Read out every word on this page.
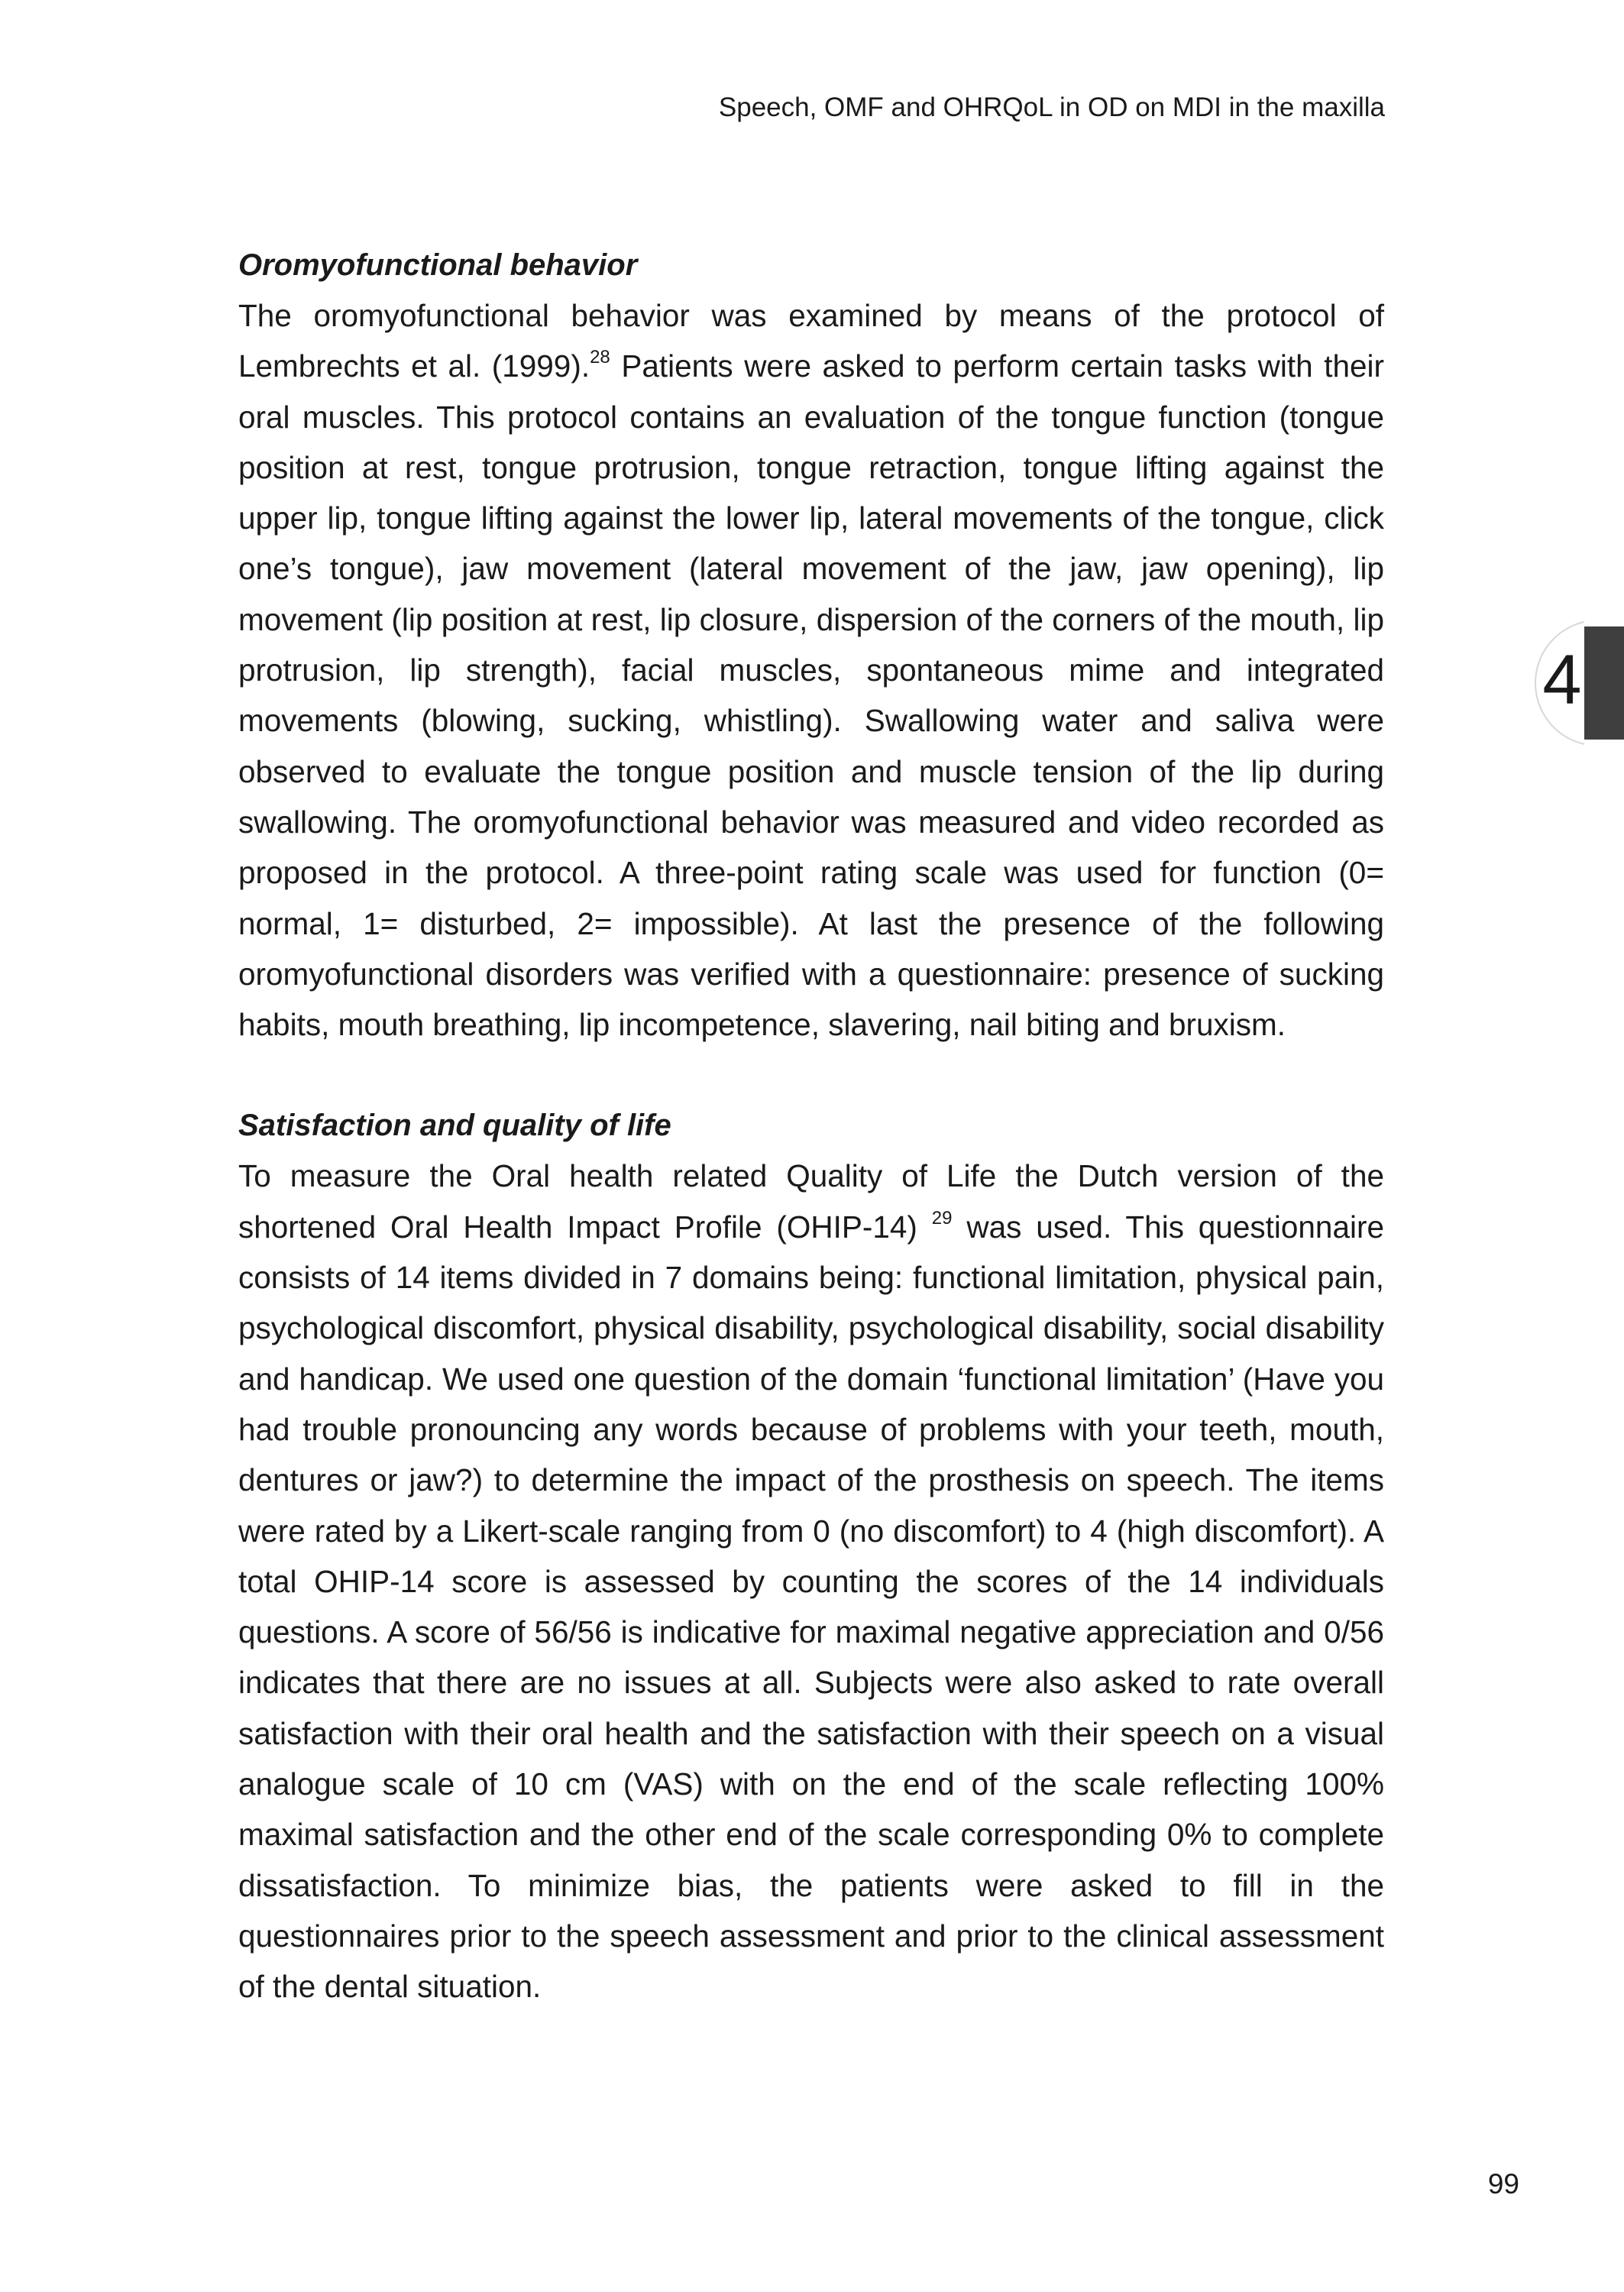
Speech, OMF and OHRQoL in OD on MDI in the maxilla
4
Oromyofunctional behavior

The oromyofunctional behavior was examined by means of the protocol of Lembrechts et al. (1999).$^{28}$ Patients were asked to perform certain tasks with their oral muscles. This protocol contains an evaluation of the tongue function (tongue position at rest, tongue protrusion, tongue retraction, tongue lifting against the upper lip, tongue lifting against the lower lip, lateral movements of the tongue, click one’s tongue), jaw movement (lateral movement of the jaw, jaw opening), lip movement (lip position at rest, lip closure, dispersion of the corners of the mouth, lip protrusion, lip strength), facial muscles, spontaneous mime and integrated movements (blowing, sucking, whistling). Swallowing water and saliva were observed to evaluate the tongue position and muscle tension of the lip during swallowing. The oromyofunctional behavior was measured and video recorded as proposed in the protocol. A three-point rating scale was used for function (0= normal, 1= disturbed, 2= impossible). At last the presence of the following oromyofunctional disorders was verified with a questionnaire: presence of sucking habits, mouth breathing, lip incompetence, slavering, nail biting and bruxism.

Satisfaction and quality of life

To measure the Oral health related Quality of Life the Dutch version of the shortened Oral Health Impact Profile (OHIP-14) $^{29}$ was used. This questionnaire consists of 14 items divided in 7 domains being: functional limitation, physical pain, psychological discomfort, physical disability, psychological disability, social disability and handicap. We used one question of the domain ‘functional limitation’ (Have you had trouble pronouncing any words because of problems with your teeth, mouth, dentures or jaw?) to determine the impact of the prosthesis on speech. The items were rated by a Likert-scale ranging from 0 (no discomfort) to 4 (high discomfort). A total OHIP-14 score is assessed by counting the scores of the 14 individuals questions. A score of 56/56 is indicative for maximal negative appreciation and 0/56 indicates that there are no issues at all. Subjects were also asked to rate overall satisfaction with their oral health and the satisfaction with their speech on a visual analogue scale of 10 cm (VAS) with on the end of the scale reflecting 100% maximal satisfaction and the other end of the scale corresponding 0% to complete dissatisfaction. To minimize bias, the patients were asked to fill in the questionnaires prior to the speech assessment and prior to the clinical assessment of the dental situation.

99
